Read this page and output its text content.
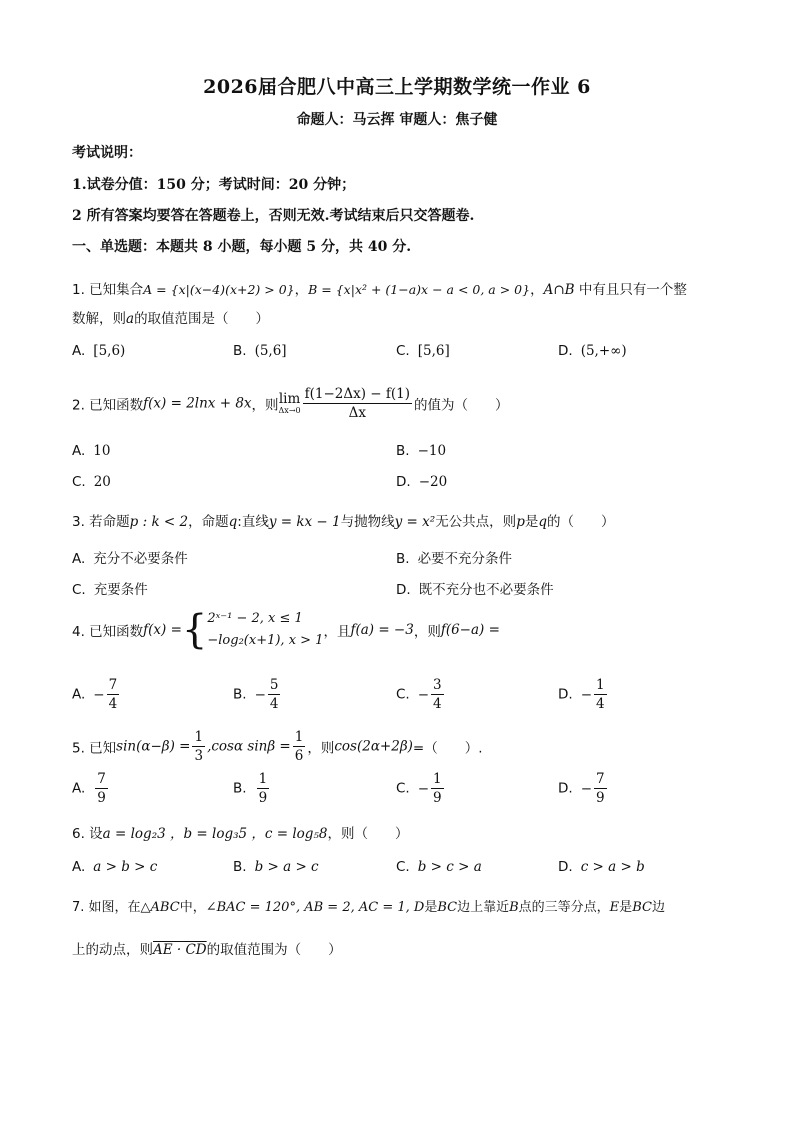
2026届合肥八中高三上学期数学统一作业 6
命题人：马云挥 审题人：焦子健
考试说明：
1.试卷分值：150 分；考试时间：20 分钟；
2 所有答案均要答在答题卷上，否则无效.考试结束后只交答题卷.
一、单选题：本题共 8 小题，每小题 5 分，共 40 分.
1. 已知集合A = {x|(x−4)(x+2) > 0}，B = {x|x² + (1−a)x − a < 0, a > 0}，A∩B 中有且只有一个整
数解，则a的取值范围是（　　）
A. [5,6)	B. (5,6]	C. [5,6]	D. (5,+∞)
2. 已知函数f(x) = 2lnx + 8x，则 lim
$\Delta x\to 0 \frac{f(1-2\Delta x) - f(1)}{\Delta x}$ 的值为（　　）
A. 10	B. −10
C. 20	D. −20
3. 若命题p : k < 2，命题q:直线y = kx − 1与抛物线y = x²无公共点，则p是q的（　　）
A. 充分不必要条件	B. 必要不充分条件
C. 充要条件	D. 既不充分也不必要条件
4. 已知函数f(x) = { 2ˣ⁻¹ − 2, x ≤ 1
−log₂(x+1), x > 1
，且f(a) = −3，则f(6−a) =
A. − $\frac{7}{4}$	B. − $\frac{5}{4}$	C. − $\frac{3}{4}$	D. − $\frac{1}{4}$
5. 已知$\sin(\alpha-\beta) = \frac{1}{3} ,\cos\alpha$ $\sin\beta = \frac{1}{6}$ ，则cos(2α+2β)=（　　）.
A. $\frac{7}{9}$	B. $\frac{1}{9}$	C. − $\frac{1}{9}$	D. − $\frac{7}{9}$
6. 设a = log₂3 ，b = log₃5 ，c = log₅8，则（　　）
A. a > b > c	B. b > a > c	C. b > c > a	D. c > a > b
7. 如图，在△ABC中，∠BAC = 120°, AB = 2, AC = 1, D是BC边上靠近B点的三等分点，E是BC边
上的动点，则AE · CD的取值范围为（　　）
